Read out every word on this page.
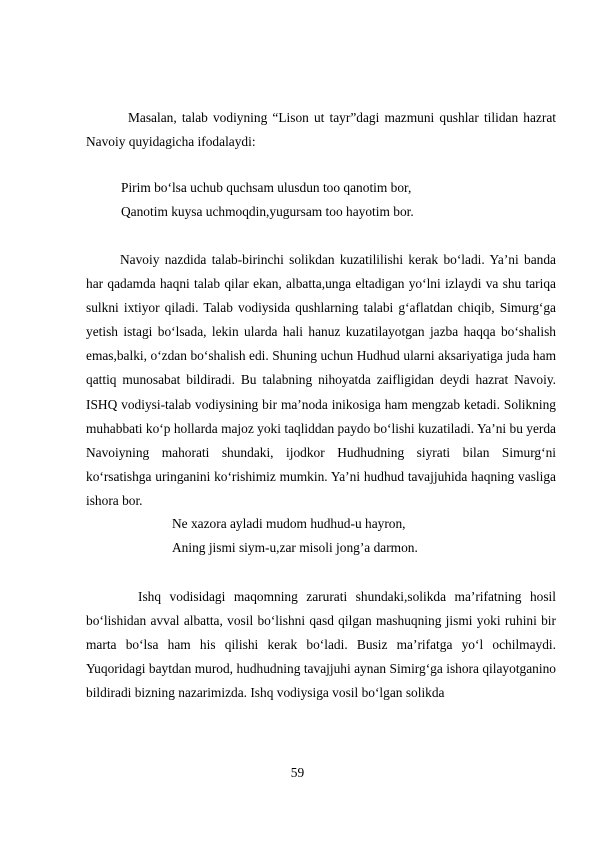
Masalan, talab vodiyning “Lison ut tayr”dagi mazmuni qushlar tilidan hazrat Navoiy quyidagicha ifodalaydi:

Pirim bo‘lsa uchub quchsam ulusdun too qanotim bor,
Qanotim kuysa uchmoqdin,yugursam too hayotim bor.

Navoiy nazdida talab-birinchi solikdan kuzatililishi kerak bo‘ladi. Ya’ni banda har qadamda haqni talab qilar ekan, albatta,unga eltadigan yo‘lni izlaydi va shu tariqa sulkni ixtiyor qiladi. Talab vodiysida qushlarning talabi g‘aflatdan chiqib, Simurg‘ga yetish istagi bo‘lsada, lekin ularda hali hanuz kuzatilayotgan jazba haqqa bo‘shalish emas,balki, o‘zdan bo‘shalish edi. Shuning uchun Hudhud ularni aksariyatiga juda ham qattiq munosabat bildiradi. Bu talabning nihoyatda zaifligidan deydi hazrat Navoiy. ISHQ vodiysi-talab vodiysining bir ma’noda inikosiga ham mengzab ketadi. Solikning muhabbati ko‘p hollarda majoz yoki taqliddan paydo bo‘lishi kuzatiladi. Ya’ni bu yerda Navoiyning mahorati shundaki, ijodkor Hudhudning siyrati bilan Simurg‘ni ko‘rsatishga uringanini ko‘rishimiz mumkin. Ya’ni hudhud tavajjuhida haqning vasliga ishora bor.

Ne xazora ayladi mudom hudhud-u hayron,
Aning jismi siym-u,zar misoli jong’a darmon.

Ishq vodisidagi maqomning zarurati shundaki,solikda ma’rifatning hosil bo‘lishidan avval albatta, vosil bo‘lishni qasd qilgan mashuqning jismi yoki ruhini bir marta bo‘lsa ham his qilishi kerak bo‘ladi. Busiz ma’rifatga yo‘l ochilmaydi. Yuqoridagi baytdan murod, hudhudning tavajjuhi aynan Simirg‘ga ishora qilayotganino bildiradi bizning nazarimizda. Ishq vodiysiga vosil bo‘lgan solikda

59
